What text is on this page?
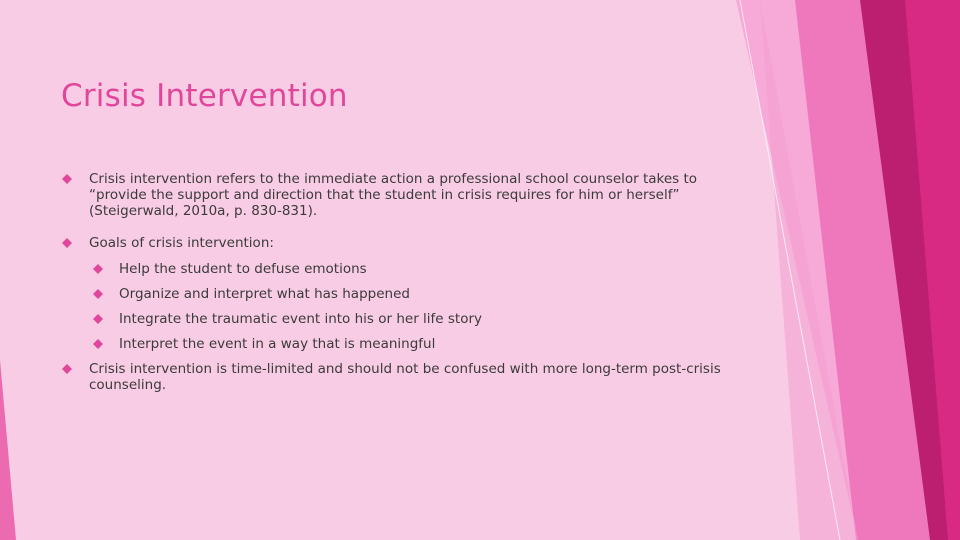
Crisis Intervention
Crisis intervention refers to the immediate action a professional school counselor takes to “provide the support and direction that the student in crisis requires for him or herself” (Steigerwald, 2010a, p. 830-831).
Goals of crisis intervention:
Help the student to defuse emotions
Organize and interpret what has happened
Integrate the traumatic event into his or her life story
Interpret the event in a way that is meaningful
Crisis intervention is time-limited and should not be confused with more long-term post-crisis counseling.
